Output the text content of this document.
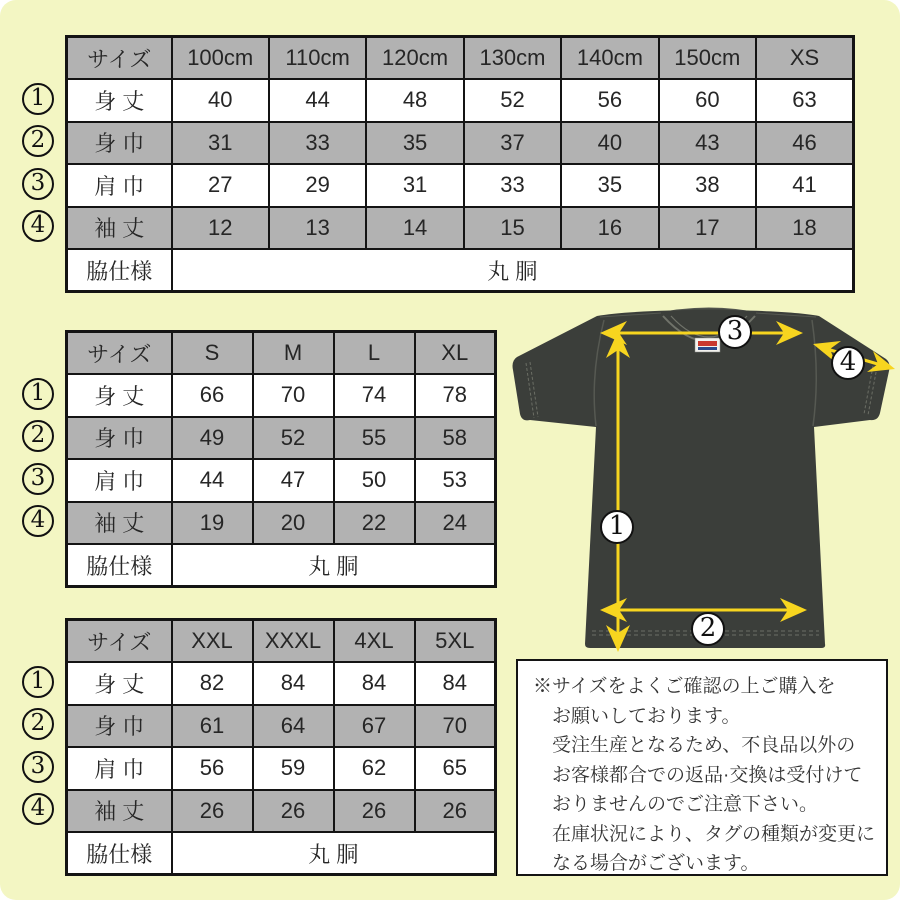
サイズ	100cm	110cm	120cm	130cm	140cm	150cm	XS
身 丈	40	44	48	52	56	60	63
身 巾	31	33	35	37	40	43	46
肩 巾	27	29	31	33	35	38	41
袖 丈	12	13	14	15	16	17	18
脇仕様	丸 胴						
サイズ	S	M	L	XL
身 丈	66	70	74	78
身 巾	49	52	55	58
肩 巾	44	47	50	53
袖 丈	19	20	22	24
脇仕様	丸 胴			
サイズ	XXL	XXXL	4XL	5XL
身 丈	82	84	84	84
身 巾	61	64	67	70
肩 巾	56	59	62	65
袖 丈	26	26	26	26
脇仕様	丸 胴			
1
2
3
4
1
2
3
4
1
2
3
4
1
2
3
4
※サイズをよくご確認の上ご購入を
お願いしております。
受注生産となるため、不良品以外の
お客様都合での返品·交換は受付けて
おりませんのでご注意下さい。
在庫状況により、タグの種類が変更に
なる場合がございます。
